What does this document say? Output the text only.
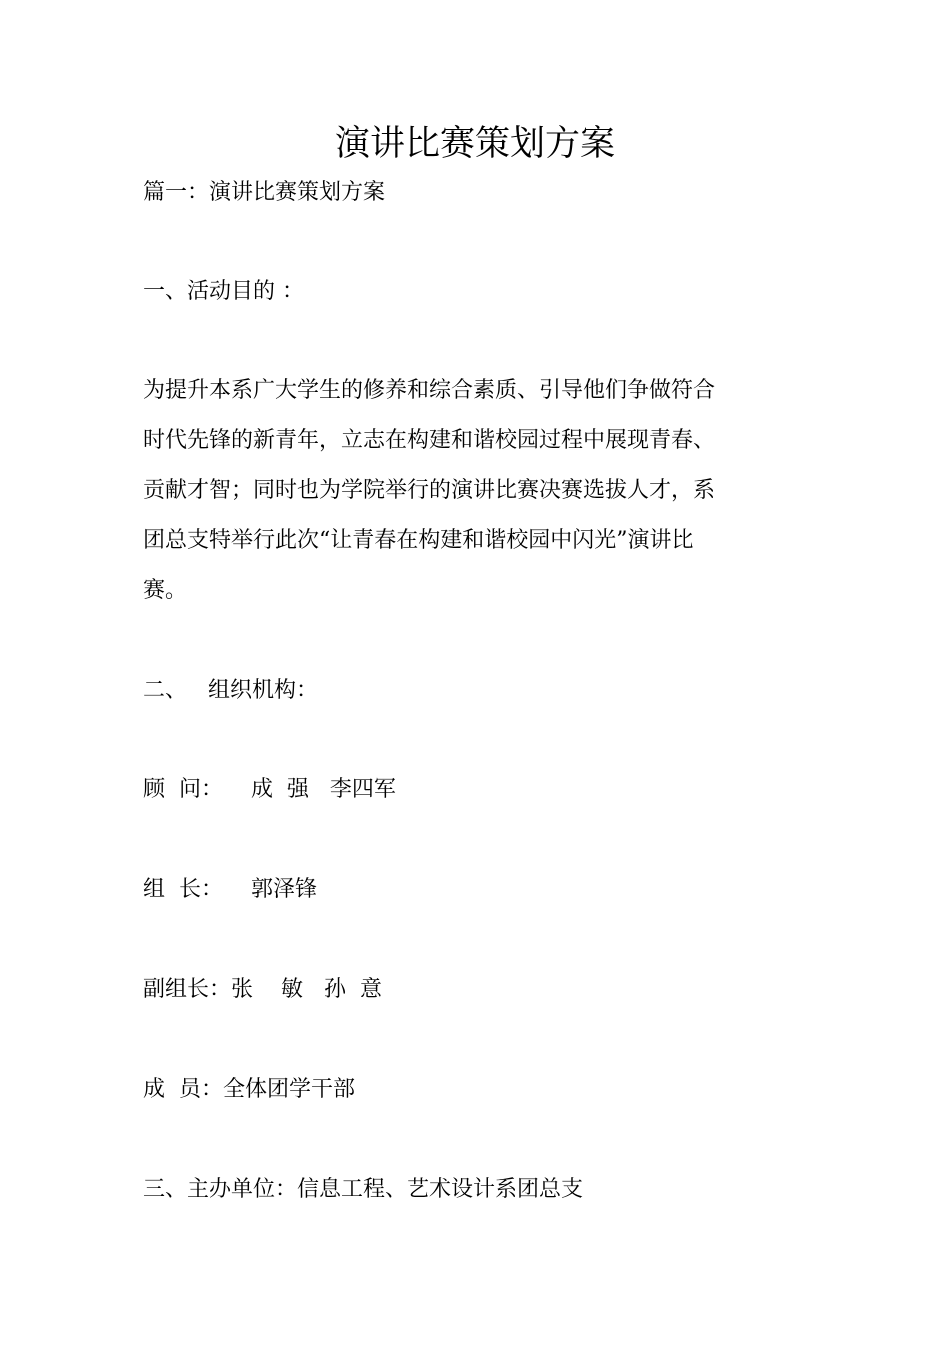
演讲比赛策划方案
篇一：演讲比赛策划方案
一、活动目的 ：
为提升本系广大学生的修养和综合素质、引导他们争做符合
时代先锋的新青年，立志在构建和谐校园过程中展现青春、
贡献才智；同时也为学院举行的演讲比赛决赛选拔人才，系
团总支特举行此次“让青春在构建和谐校园中闪光”演讲比
赛。
二、   组织机构：
顾  问：    成  强   李四军
组  长：    郭泽锋
副组长：张    敏   孙  意
成  员：全体团学干部
三、主办单位：信息工程、艺术设计系团总支
